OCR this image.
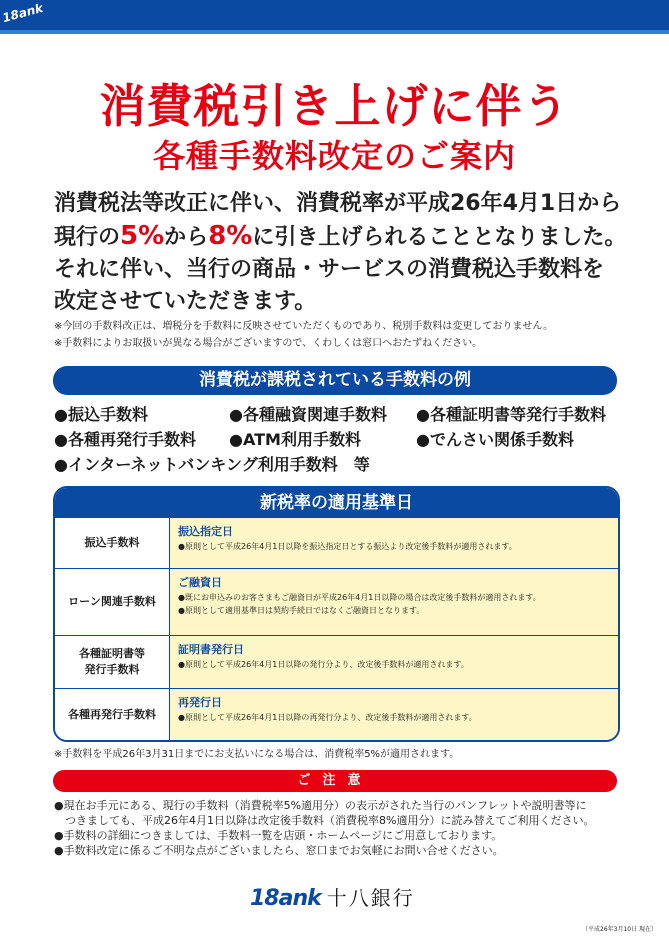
18ank
消費税引き上げに伴う
各種手数料改定のご案内
消費税法等改正に伴い、消費税率が平成26年4月1日から
現行の5%から8%に引き上げられることとなりました。
それに伴い、当行の商品・サービスの消費税込手数料を
改定させていただきます。
※今回の手数料改正は、増税分を手数料に反映させていただくものであり、税別手数料は変更しておりません。
※手数料によりお取扱いが異なる場合がございますので、くわしくは窓口へおたずねください。
消費税が課税されている手数料の例
●振込手数料	●各種融資関連手数料 ●各種証明書等発行手数料
●各種再発行手数料 ●ATM利用手数料	●でんさい関係手数料
●インターネットバンキング利用手数料　等
新税率の適用基準日
振込手数料
振込指定日
●原則として平成26年4月1日以降を振込指定日とする振込より改定後手数料が適用されます。
ローン関連手数料
ご融資日
●既にお申込みのお客さまもご融資日が平成26年4月1日以降の場合は改定後手数料が適用されます。
●原則として適用基準日は契約手続日ではなくご融資日となります。
各種証明書等
発行手数料
証明書発行日
●原則として平成26年4月1日以降の発行分より、改定後手数料が適用されます。
各種再発行手数料
再発行日
●原則として平成26年4月1日以降の再発行分より、改定後手数料が適用されます。
※手数料を平成26年3月31日までにお支払いになる場合は、消費税率5%が適用されます。
ご注意
●現在お手元にある、現行の手数料（消費税率5%適用分）の表示がされた当行のパンフレットや説明書等に
つきましても、平成26年4月1日以降は改定後手数料（消費税率8%適用分）に読み替えてご利用ください。
●手数料の詳細につきましては、手数料一覧を店頭・ホームページにご用意しております。
●手数料改定に係るご不明な点がございましたら、窓口までお気軽にお問い合せください。
18ank 十八銀行
（平成26年3月10日 現在）
